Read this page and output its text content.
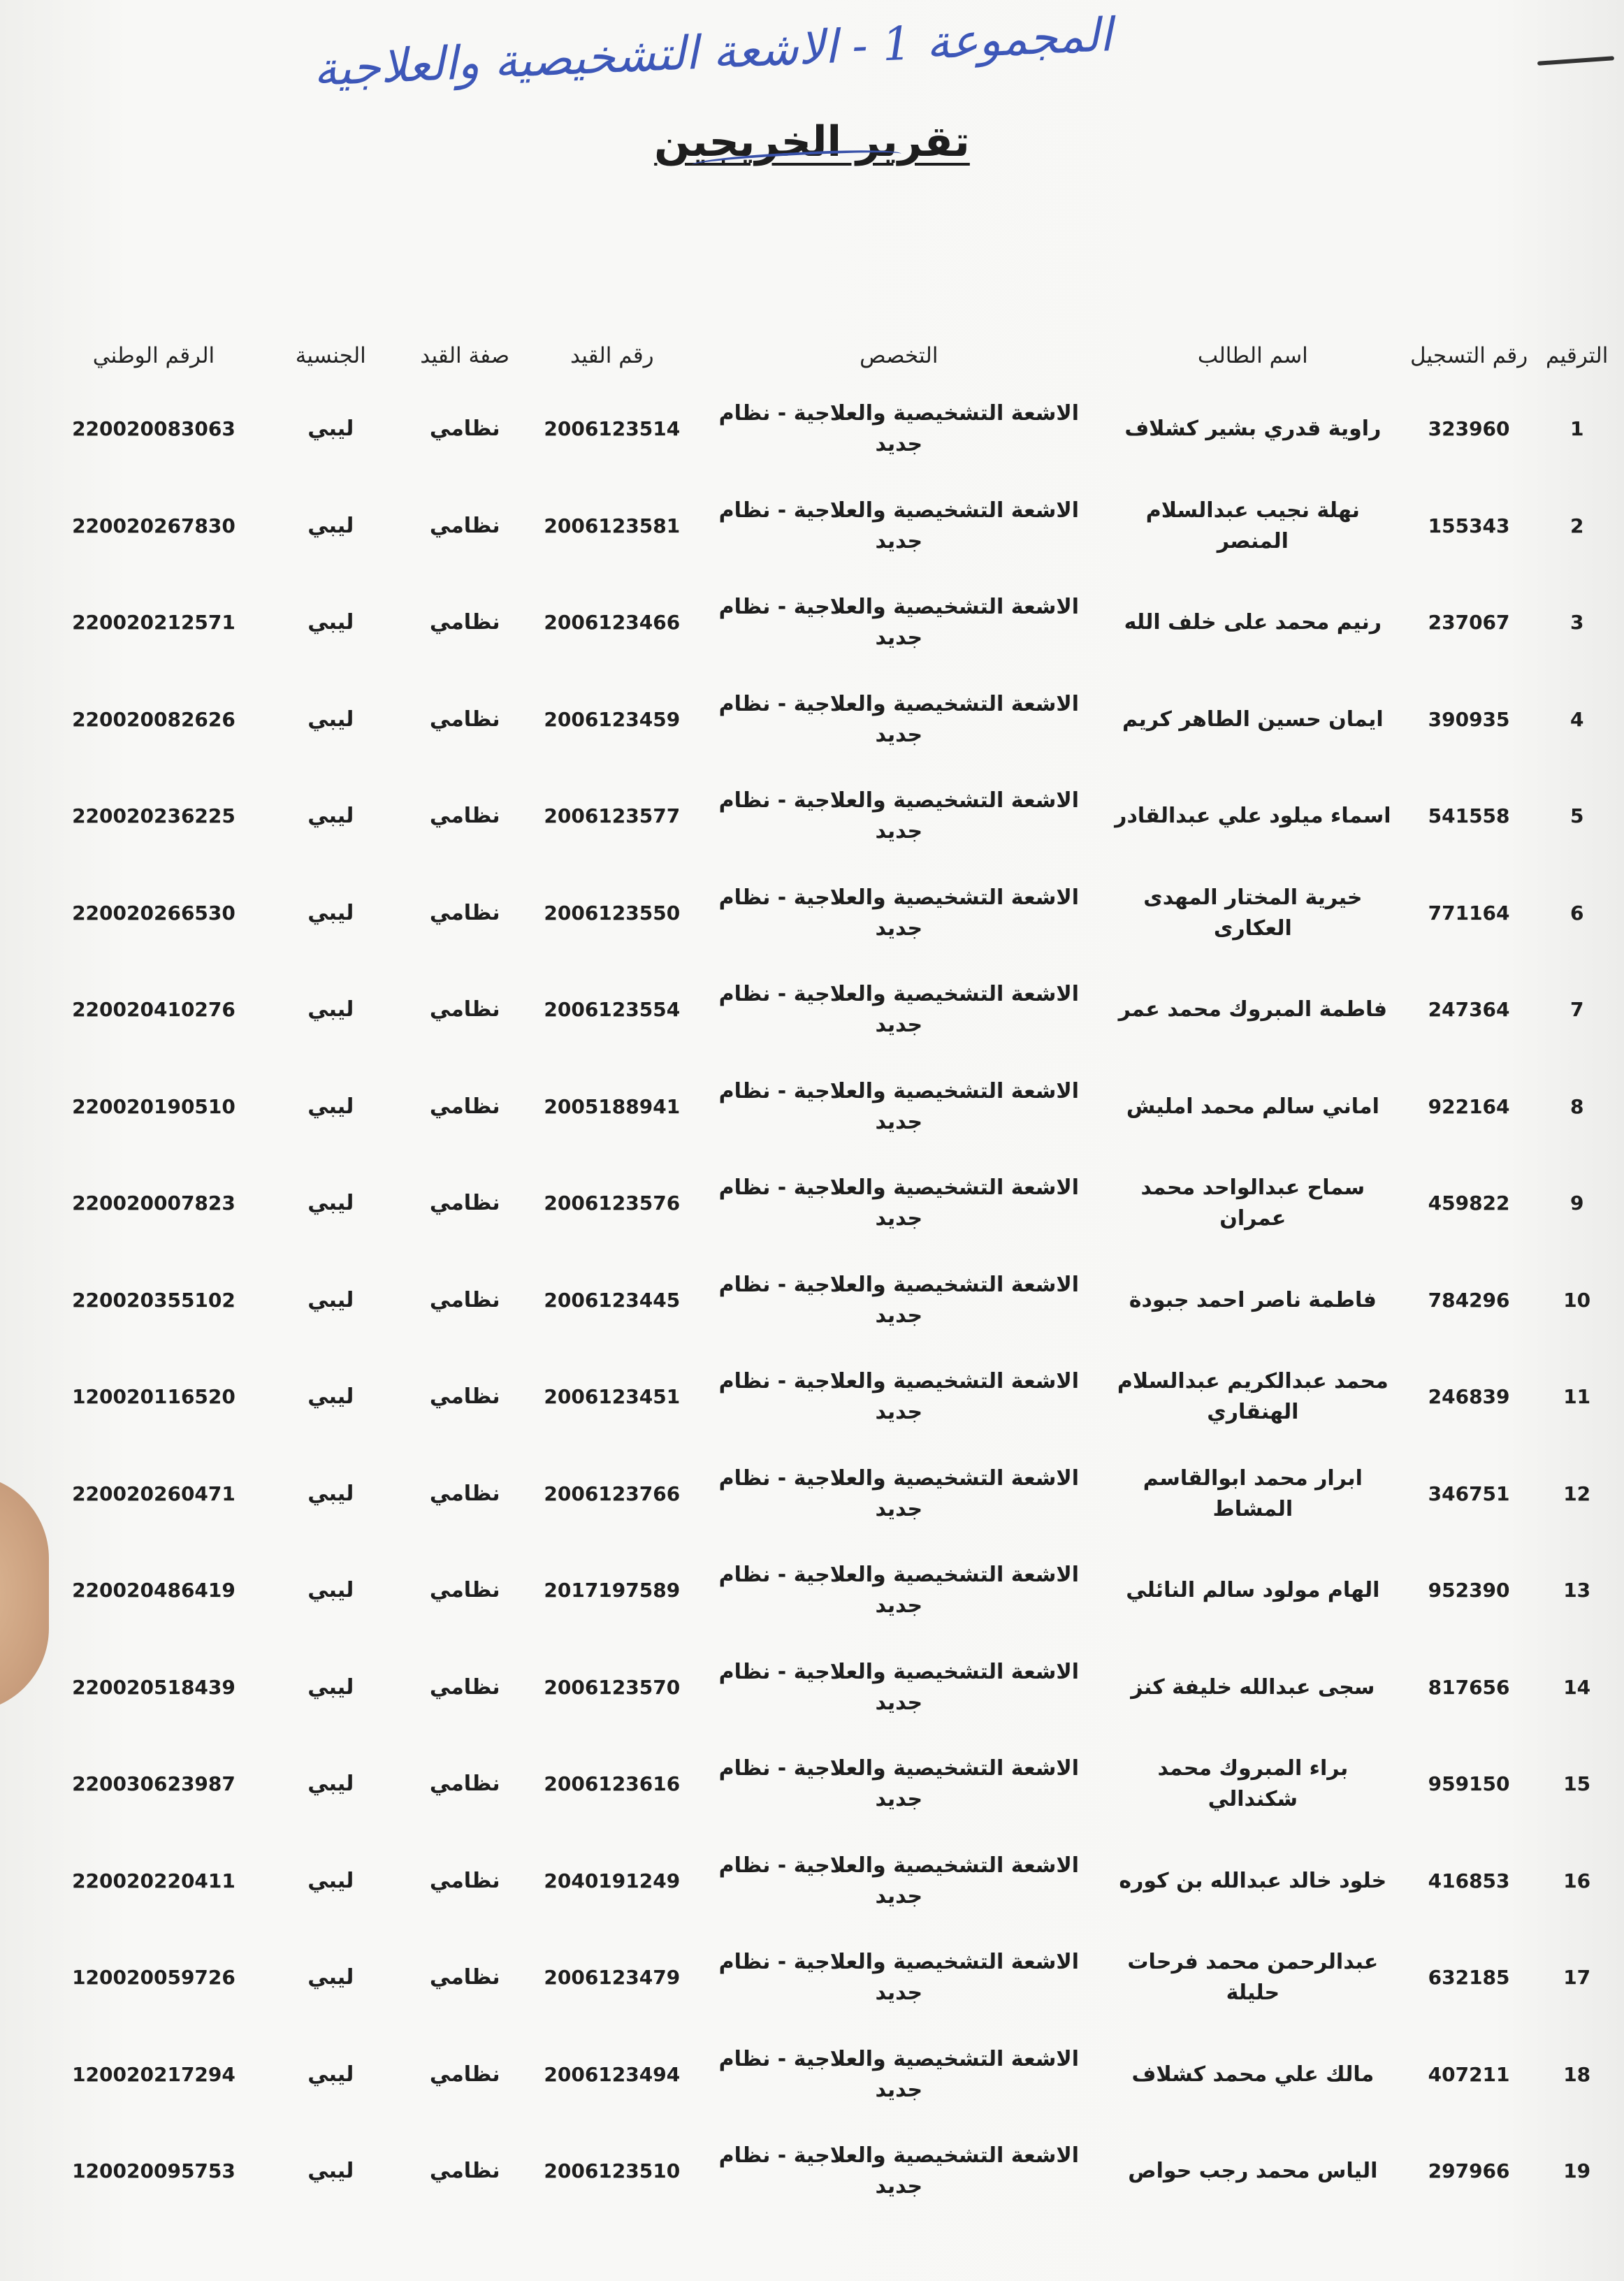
المجموعة 1 - الاشعة التشخيصية والعلاجية
تقرير الخريجين
الترقيم	رقم التسجيل	اسم الطالب	التخصص	رقم القيد	صفة القيد	الجنسية	الرقم الوطني
1	323960	راوية قدري بشير كشلاف	الاشعة التشخيصية والعلاجية - نظام جديد	2006123514	نظامي	ليبي	220020083063
2	155343	نهلة نجيب عبدالسلام المنصر	الاشعة التشخيصية والعلاجية - نظام جديد	2006123581	نظامي	ليبي	220020267830
3	237067	رنيم محمد على خلف الله	الاشعة التشخيصية والعلاجية - نظام جديد	2006123466	نظامي	ليبي	220020212571
4	390935	ايمان حسين الطاهر كريم	الاشعة التشخيصية والعلاجية - نظام جديد	2006123459	نظامي	ليبي	220020082626
5	541558	اسماء ميلود علي عبدالقادر	الاشعة التشخيصية والعلاجية - نظام جديد	2006123577	نظامي	ليبي	220020236225
6	771164	خيرية المختار المهدى العكارى	الاشعة التشخيصية والعلاجية - نظام جديد	2006123550	نظامي	ليبي	220020266530
7	247364	فاطمة المبروك محمد عمر	الاشعة التشخيصية والعلاجية - نظام جديد	2006123554	نظامي	ليبي	220020410276
8	922164	اماني سالم محمد امليش	الاشعة التشخيصية والعلاجية - نظام جديد	2005188941	نظامي	ليبي	220020190510
9	459822	سماح عبدالواحد محمد عمران	الاشعة التشخيصية والعلاجية - نظام جديد	2006123576	نظامي	ليبي	220020007823
10	784296	فاطمة ناصر احمد جبودة	الاشعة التشخيصية والعلاجية - نظام جديد	2006123445	نظامي	ليبي	220020355102
11	246839	محمد عبدالكريم عبدالسلام الهنقاري	الاشعة التشخيصية والعلاجية - نظام جديد	2006123451	نظامي	ليبي	120020116520
12	346751	ابرار محمد ابوالقاسم المشاط	الاشعة التشخيصية والعلاجية - نظام جديد	2006123766	نظامي	ليبي	220020260471
13	952390	الهام مولود سالم النائلي	الاشعة التشخيصية والعلاجية - نظام جديد	2017197589	نظامي	ليبي	220020486419
14	817656	سجى عبدالله خليفة كنز	الاشعة التشخيصية والعلاجية - نظام جديد	2006123570	نظامي	ليبي	220020518439
15	959150	براء المبروك محمد شكندالي	الاشعة التشخيصية والعلاجية - نظام جديد	2006123616	نظامي	ليبي	220030623987
16	416853	خلود خالد عبدالله بن كوره	الاشعة التشخيصية والعلاجية - نظام جديد	2040191249	نظامي	ليبي	220020220411
17	632185	عبدالرحمن محمد فرحات حليلة	الاشعة التشخيصية والعلاجية - نظام جديد	2006123479	نظامي	ليبي	120020059726
18	407211	مالك علي محمد كشلاف	الاشعة التشخيصية والعلاجية - نظام جديد	2006123494	نظامي	ليبي	120020217294
19	297966	الياس محمد رجب حواص	الاشعة التشخيصية والعلاجية - نظام جديد	2006123510	نظامي	ليبي	120020095753
